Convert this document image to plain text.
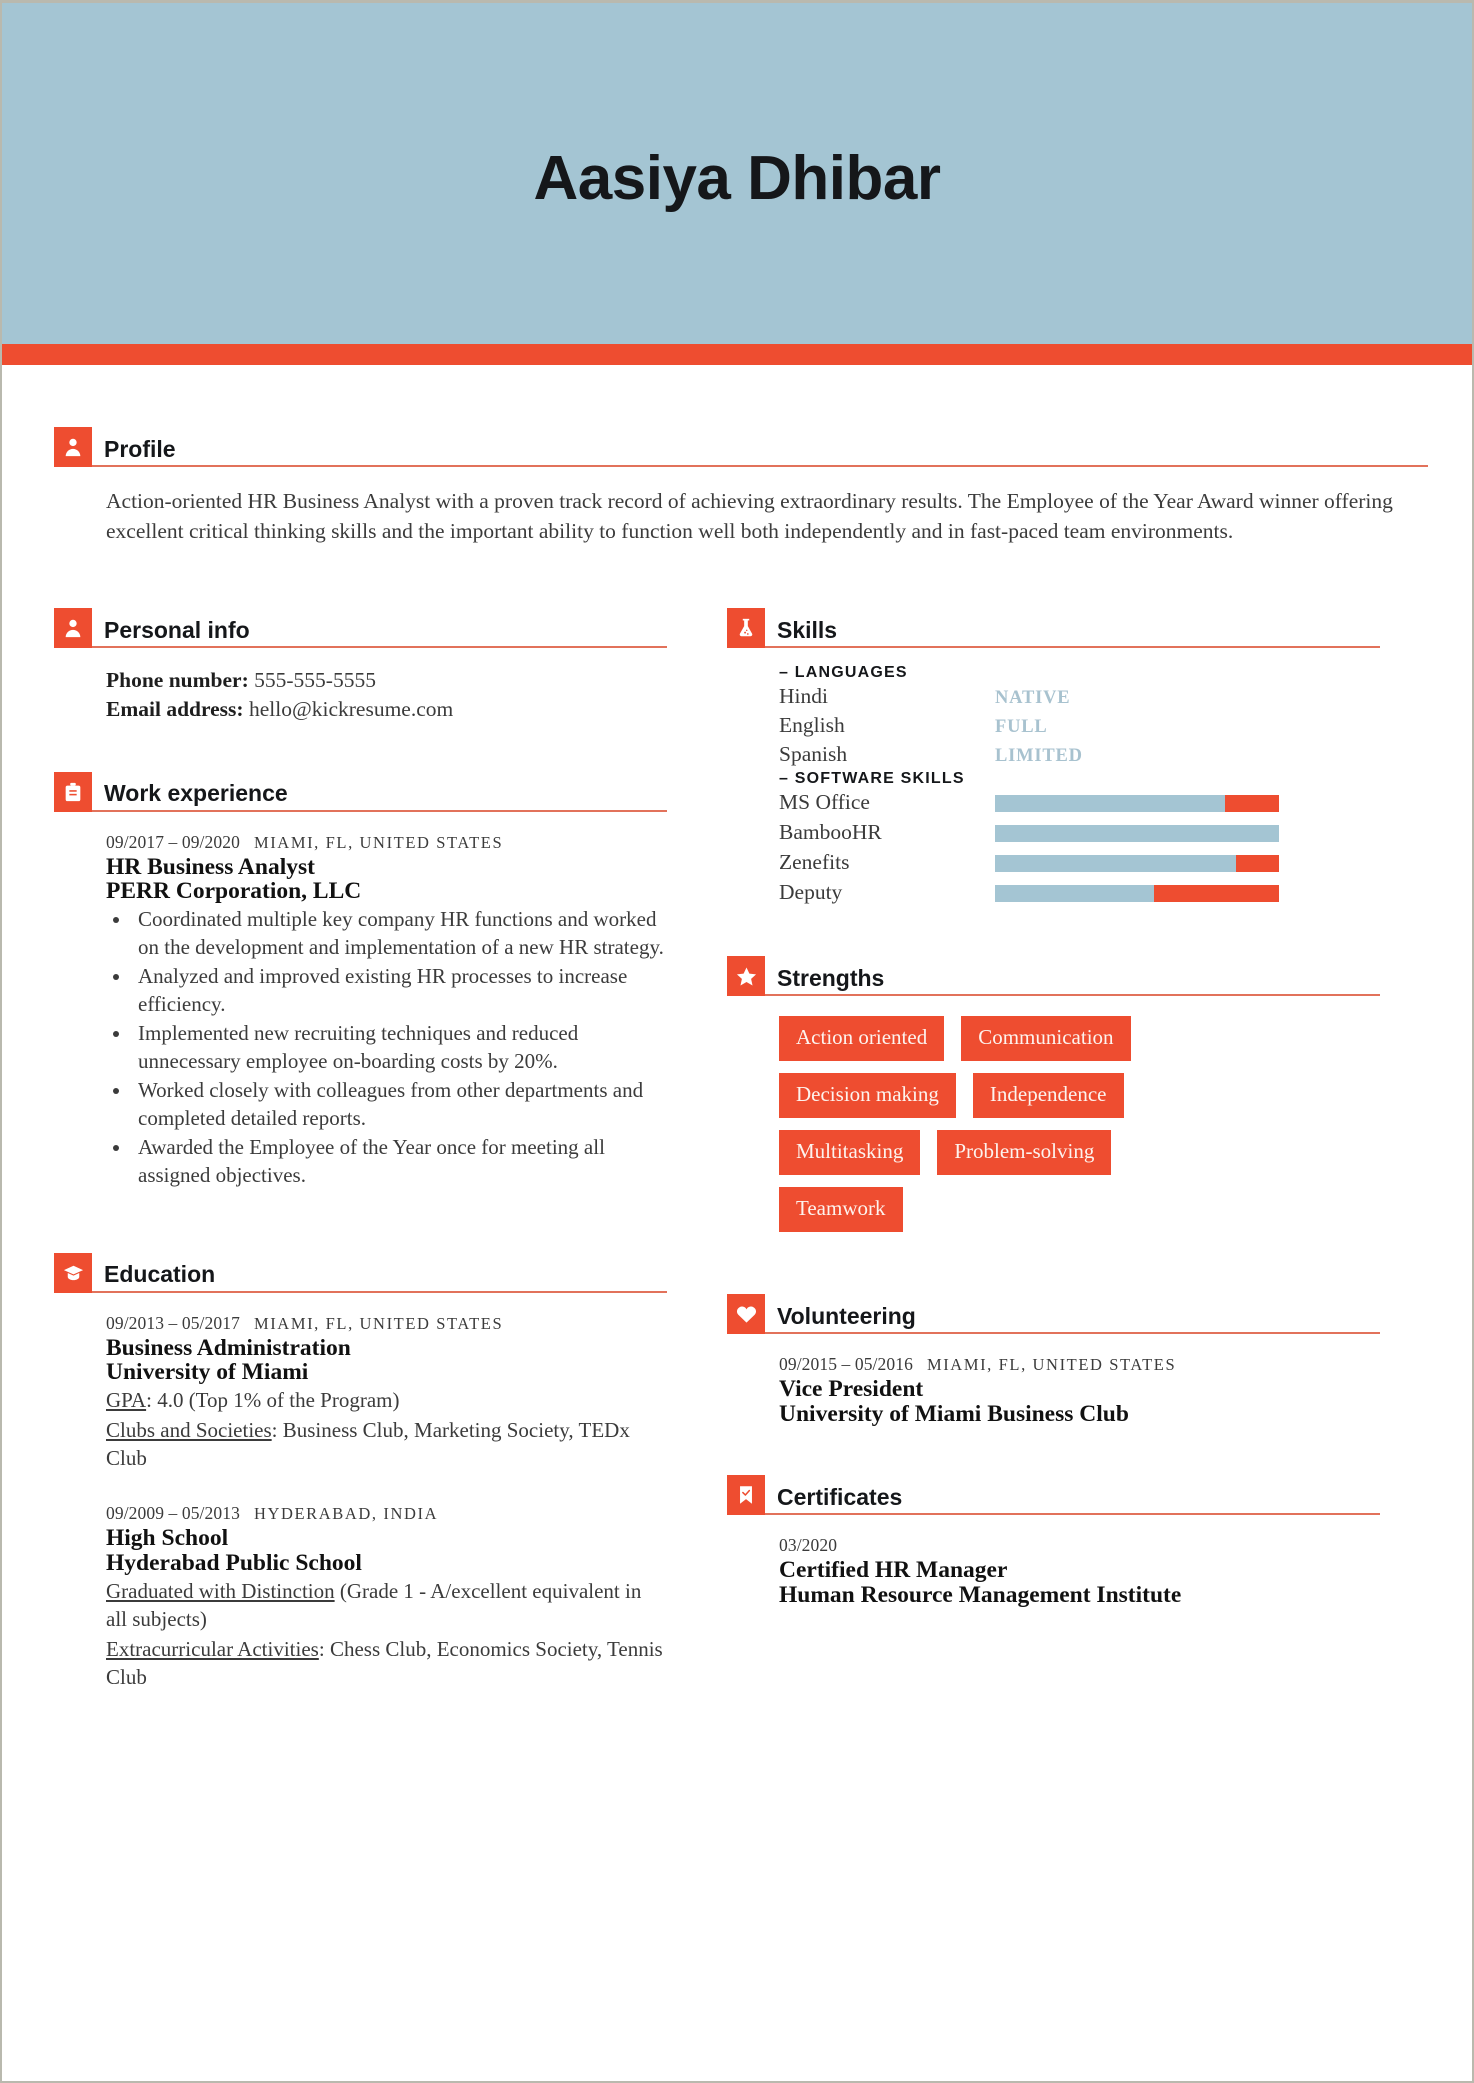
Aasiya Dhibar
Profile
Action-oriented HR Business Analyst with a proven track record of achieving extraordinary results. The Employee of the Year Award winner offering excellent critical thinking skills and the important ability to function well both independently and in fast-paced team environments.
Personal info
Phone number: 555-555-5555
Email address: hello@kickresume.com
Work experience
09/2017 – 09/2020 MIAMI, FL, UNITED STATES
HR Business Analyst
PERR Corporation, LLC
• Coordinated multiple key company HR functions and worked on the development and implementation of a new HR strategy.
• Analyzed and improved existing HR processes to increase efficiency.
• Implemented new recruiting techniques and reduced unnecessary employee on-boarding costs by 20%.
• Worked closely with colleagues from other departments and completed detailed reports.
• Awarded the Employee of the Year once for meeting all assigned objectives.
Education
09/2013 – 05/2017 MIAMI, FL, UNITED STATES
Business Administration
University of Miami
GPA: 4.0 (Top 1% of the Program)
Clubs and Societies: Business Club, Marketing Society, TEDx Club
09/2009 – 05/2013 HYDERABAD, INDIA
High School
Hyderabad Public School
Graduated with Distinction (Grade 1 - A/excellent equivalent in all subjects)
Extracurricular Activities: Chess Club, Economics Society, Tennis Club
Skills
– LANGUAGES
Hindi	NATIVE
English	FULL
Spanish	LIMITED
– SOFTWARE SKILLS
MS Office
BambooHR
Zenefits
Deputy
Strengths
Action oriented	Communication
Decision making	Independence
Multitasking	Problem-solving
Teamwork
Volunteering
09/2015 – 05/2016 MIAMI, FL, UNITED STATES
Vice President
University of Miami Business Club
Certificates
03/2020
Certified HR Manager
Human Resource Management Institute
